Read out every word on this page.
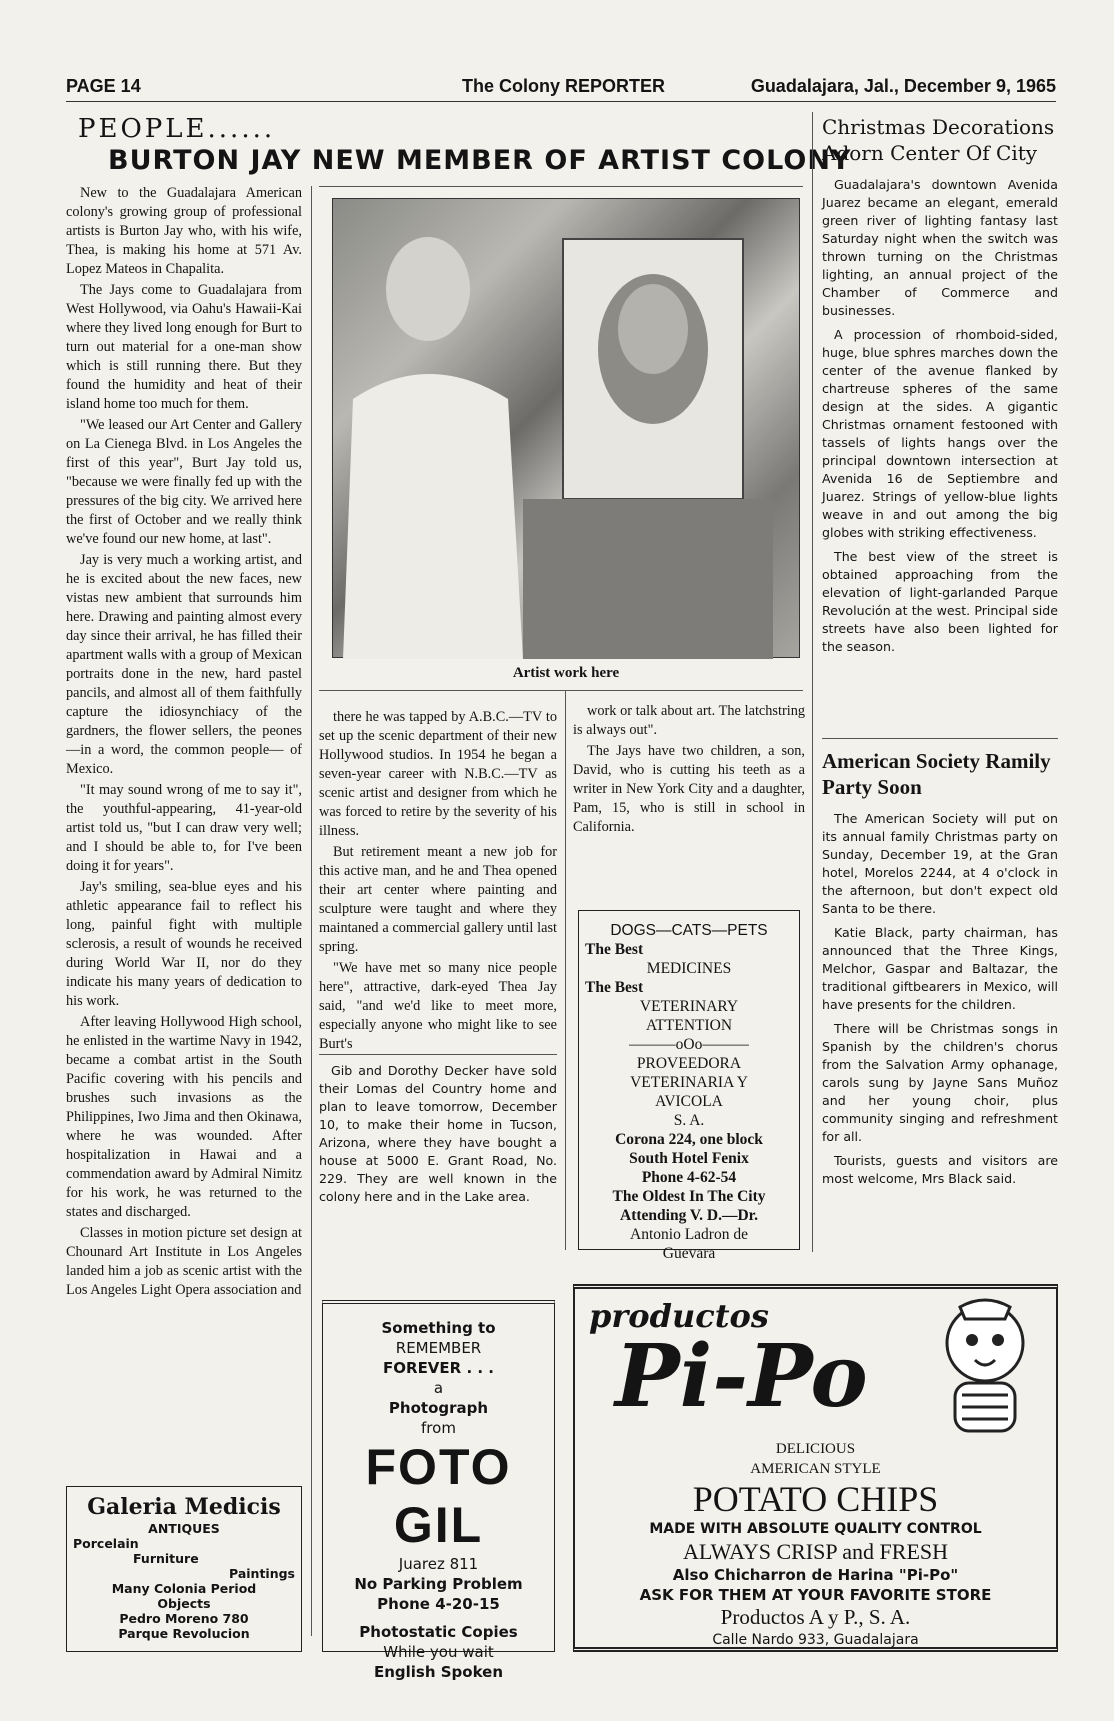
PAGE 14	The Colony REPORTER	Guadalajara, Jal., December 9, 1965
PEOPLE......
BURTON JAY NEW MEMBER OF ARTIST COLONY

New to the Guadalajara American colony's growing group of professional artists is Burton Jay who, with his wife, Thea, is making his home at 571 Av. Lopez Mateos in Chapalita.

The Jays come to Guadalajara from West Hollywood, via Oahu's Hawaii-Kai where they lived long enough for Burt to turn out material for a one-man show which is still running there. But they found the humidity and heat of their island home too much for them.

"We leased our Art Center and Gallery on La Cienega Blvd. in Los Angeles the first of this year", Burt Jay told us, "because we were finally fed up with the pressures of the big city. We arrived here the first of October and we really think we've found our new home, at last".

Jay is very much a working artist, and he is excited about the new faces, new vistas new ambient that surrounds him here. Drawing and painting almost every day since their arrival, he has filled their apartment walls with a group of Mexican portraits done in the new, hard pastel pancils, and almost all of them faithfully capture the idiosynchiacy of the gardners, the flower sellers, the peones —in a word, the common people— of Mexico.

"It may sound wrong of me to say it", the youthful-appearing, 41-year-old artist told us, "but I can draw very well; and I should be able to, for I've been doing it for years".

Jay's smiling, sea-blue eyes and his athletic appearance fail to reflect his long, painful fight with multiple sclerosis, a result of wounds he received during World War II, nor do they indicate his many years of dedication to his work.

After leaving Hollywood High school, he enlisted in the wartime Navy in 1942, became a combat artist in the South Pacific covering with his pencils and brushes such invasions as the Philippines, Iwo Jima and then Okinawa, where he was wounded. After hospitalization in Hawai and a commendation award by Admiral Nimitz for his work, he was returned to the states and discharged.

Classes in motion picture set design at Chounard Art Institute in Los Angeles landed him a job as scenic artist with the Los Angeles Light Opera association and

Artist work here

there he was tapped by A.B.C.—TV to set up the scenic department of their new Hollywood studios. In 1954 he began a seven-year career with N.B.C.—TV as scenic artist and designer from which he was forced to retire by the severity of his illness.

But retirement meant a new job for this active man, and he and Thea opened their art center where painting and sculpture were taught and where they maintaned a commercial gallery until last spring.

"We have met so many nice people here", attractive, dark-eyed Thea Jay said, "and we'd like to meet more, especially anyone who might like to see Burt's

work or talk about art. The latchstring is always out".

The Jays have two children, a son, David, who is cutting his teeth as a writer in New York City and a daughter, Pam, 15, who is still in school in California.

Gib and Dorothy Decker have sold their Lomas del Country home and plan to leave tomorrow, December 10, to make their home in Tucson, Arizona, where they have bought a house at 5000 E. Grant Road, No. 229. They are well known in the colony here and in the Lake area.

DOGS—CATS—PETS
The Best
MEDICINES
The Best
VETERINARY
ATTENTION
———oOo———
PROVEEDORA
VETERINARIA Y
AVICOLA
S. A.
Corona 224, one block
South Hotel Fenix
Phone 4-62-54
The Oldest In The City
Attending V. D.—Dr.
Antonio Ladron de
Guevara
Christmas Decorations Adorn Center Of City

Guadalajara's downtown Avenida Juarez became an elegant, emerald green river of lighting fantasy last Saturday night when the switch was thrown turning on the Christmas lighting, an annual project of the Chamber of Commerce and businesses.

A procession of rhomboid-sided, huge, blue sphres marches down the center of the avenue flanked by chartreuse spheres of the same design at the sides. A gigantic Christmas ornament festooned with tassels of lights hangs over the principal downtown intersection at Avenida 16 de Septiembre and Juarez. Strings of yellow-blue lights weave in and out among the big globes with striking effectiveness.

The best view of the street is obtained approaching from the elevation of light-garlanded Parque Revolución at the west. Principal side streets have also been lighted for the season.

American Society Ramily Party Soon

The American Society will put on its annual family Christmas party on Sunday, December 19, at the Gran hotel, Morelos 2244, at 4 o'clock in the afternoon, but don't expect old Santa to be there.

Katie Black, party chairman, has announced that the Three Kings, Melchor, Gaspar and Baltazar, the traditional giftbearers in Mexico, will have presents for the children.

There will be Christmas songs in Spanish by the children's chorus from the Salvation Army ophanage, carols sung by Jayne Sans Muñoz and her young choir, plus community singing and refreshment for all.

Tourists, guests and visitors are most welcome, Mrs Black said.

Galeria Medicis
ANTIQUES
Porcelain
Furniture
Paintings
Many Colonia Period
Objects
Pedro Moreno 780
Parque Revolucion
Something to
REMEMBER
FOREVER . . .
a
Photograph
from
FOTO GIL
Juarez 811
No Parking Problem
Phone 4-20-15
Photostatic Copies
While you wait
English Spoken
productos
Pi-Po
DELICIOUS
AMERICAN STYLE
POTATO CHIPS
MADE WITH ABSOLUTE QUALITY CONTROL
ALWAYS CRISP and FRESH
Also Chicharron de Harina "Pi-Po"
ASK FOR THEM AT YOUR FAVORITE STORE
Productos A y P., S. A.
Calle Nardo 933, Guadalajara
